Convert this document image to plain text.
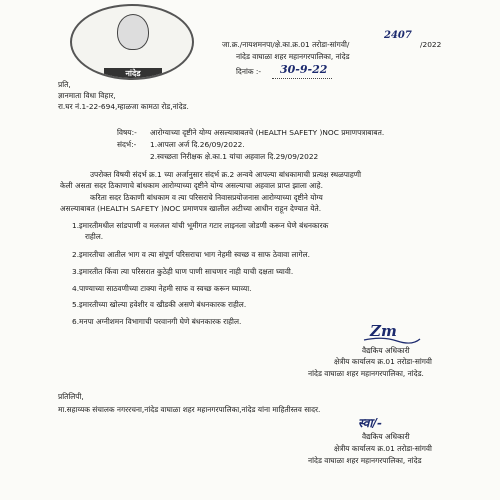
नांदेड
जा.क्र./नायशमनपा/क्षे.का.क्र.01 तरोडा-सांगवी/
2407
/2022
नांदेड वाघाळा शहर महानगरपालिका, नांदेड
दिनांक :- 30-9-22
प्रति,
ज्ञानमाता विधा विहार,
रा.घर नं.1-22-694,म्हाळजा कामठा रोड,नांदेड.
विषय:- आरोग्याच्या दृष्टीने योग्य असल्याबाबतचे (HEALTH SAFETY )NOC प्रमाणपत्राबाबत.
संदर्भ:- 1.आपला अर्ज दि.26/09/2022.
2.स्वच्छता निरीक्षक क्षे.का.1 यांचा अहवाल दि.29/09/2022
उपरोक्त विषयी संदर्भ क्र.1 च्या अर्जानुसार संदर्भ क्र.2 अन्वये आपल्या बांधकामाची प्रत्यक्ष स्थळपाहणी
केली असता सदर ठिकाणाचे बांधकाम आरोग्याच्या दृष्टीने योग्य असल्याचा अहवाल प्राप्त झाला आहे.
करिता सदर ठिकाणी बांधकाम व त्या परिसराचे निवासप्रयोजनास आरोग्याच्या दृष्टीने योग्य
असल्याबाबत (HEALTH SAFETY )NOC प्रमाणपत्र खालील अटीच्या आधीन राहून देण्यात येते.
1.इमारतीमधील सांडपाणी व मलजल यांची भूमीगत गटार लाइनला जोडणी करून घेणे बंधनकारक
राहील.
2.इमारतीचा आतील भाग व त्या संपूर्ण परिसराचा भाग नेहमी स्वच्छ व साफ ठेवावा लागेल.
3.इमारतीत किंवा त्या परिसरात कुठेही घाण पाणी साचणार नाही याची दक्षता घ्यावी.
4.पाण्याच्या साठवणीच्या टाक्या नेहमी साफ व स्वच्छ करून घ्याव्या.
5.इमारतीच्या खोल्या हवेशीर व खीडकी असणे बंधनकारक राहील.
6.मनपा अग्नीशमन विभागाची परवानगी घेणे बंधनकारक राहील.
Zm
वैद्यकिय अधिकारी
क्षेत्रीय कार्यालय क्र.01 तरोडा-सांगवी
नांदेड वाघाळा शहर महानगरपालिका, नांदेड.
प्रतिलिपी,
मा.सहाय्यक संचालक नगररचना,नांदेड वाघाळा शहर महानगरपालिका,नांदेड यांना माहितीस्तव सादर.
स्वा/-
वैद्यकिय अधिकारी
क्षेत्रीय कार्यालय क्र.01 तरोडा-सांगवी
नांदेड वाघाळा शहर महानगरपालिका, नांदेड
